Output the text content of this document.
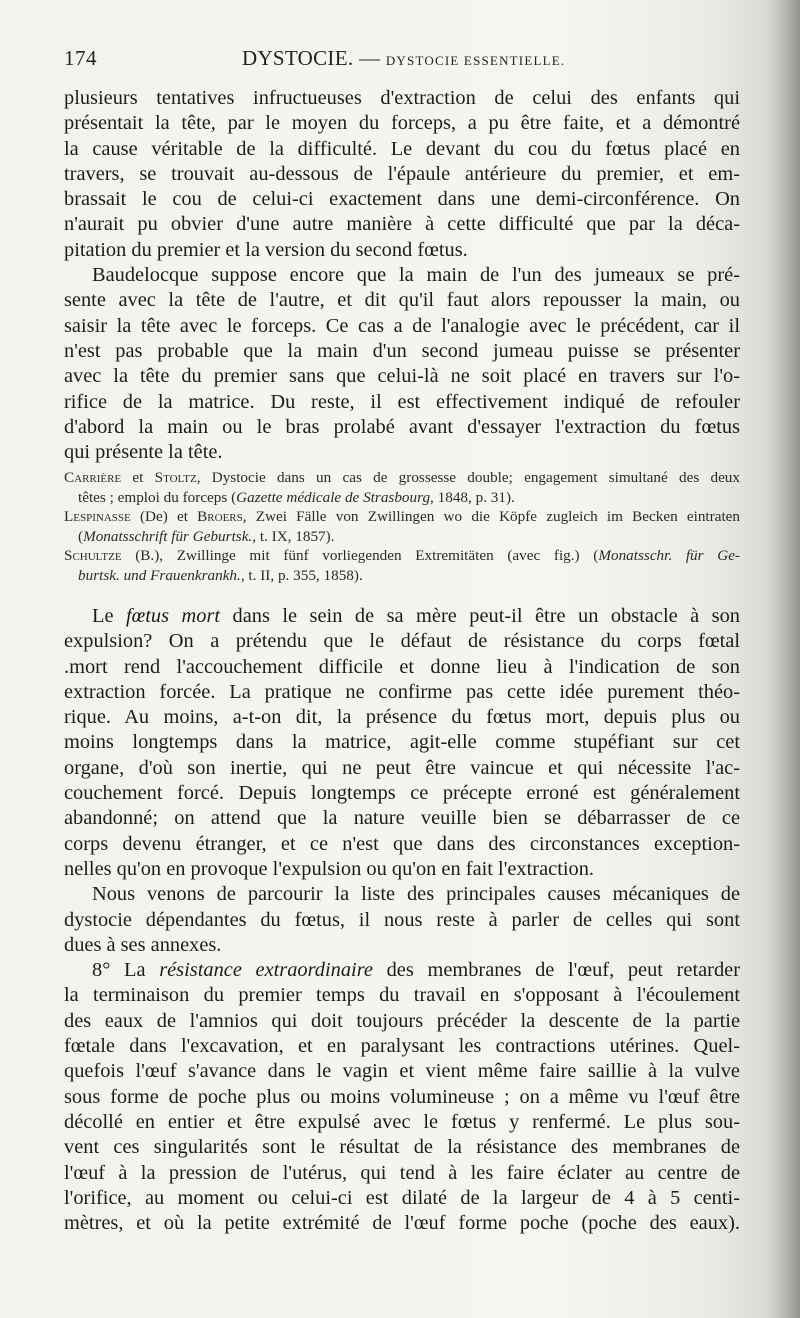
174	DYSTOCIE. — DYSTOCIE ESSENTIELLE.
plusieurs tentatives infructueuses d'extraction de celui des enfants qui
présentait la tête, par le moyen du forceps, a pu être faite, et a démontré
la cause véritable de la difficulté. Le devant du cou du fœtus placé en
travers, se trouvait au-dessous de l'épaule antérieure du premier, et em-
brassait le cou de celui-ci exactement dans une demi-circonférence. On
n'aurait pu obvier d'une autre manière à cette difficulté que par la déca-
pitation du premier et la version du second fœtus.
Baudelocque suppose encore que la main de l'un des jumeaux se pré-
sente avec la tête de l'autre, et dit qu'il faut alors repousser la main, ou
saisir la tête avec le forceps. Ce cas a de l'analogie avec le précédent, car il
n'est pas probable que la main d'un second jumeau puisse se présenter
avec la tête du premier sans que celui-là ne soit placé en travers sur l'o-
rifice de la matrice. Du reste, il est effectivement indiqué de refouler
d'abord la main ou le bras prolabé avant d'essayer l'extraction du fœtus
qui présente la tête.
Carrière et Stoltz, Dystocie dans un cas de grossesse double; engagement simultané des deux
têtes ; emploi du forceps (Gazette médicale de Strasbourg, 1848, p. 31).
Lespinasse (De) et Broers, Zwei Fälle von Zwillingen wo die Köpfe zugleich im Becken eintraten
(Monatsschrift für Geburtsk., t. IX, 1857).
Schultze (B.), Zwillinge mit fünf vorliegenden Extremitäten (avec fig.) (Monatsschr. für Ge-
burtsk. und Frauenkrankh., t. II, p. 355, 1858).
Le fœtus mort dans le sein de sa mère peut-il être un obstacle à son
expulsion? On a prétendu que le défaut de résistance du corps fœtal
.mort rend l'accouchement difficile et donne lieu à l'indication de son
extraction forcée. La pratique ne confirme pas cette idée purement théo-
rique. Au moins, a-t-on dit, la présence du fœtus mort, depuis plus ou
moins longtemps dans la matrice, agit-elle comme stupéfiant sur cet
organe, d'où son inertie, qui ne peut être vaincue et qui nécessite l'ac-
couchement forcé. Depuis longtemps ce précepte erroné est généralement
abandonné; on attend que la nature veuille bien se débarrasser de ce
corps devenu étranger, et ce n'est que dans des circonstances exception-
nelles qu'on en provoque l'expulsion ou qu'on en fait l'extraction.
Nous venons de parcourir la liste des principales causes mécaniques de
dystocie dépendantes du fœtus, il nous reste à parler de celles qui sont
dues à ses annexes.
8° La résistance extraordinaire des membranes de l'œuf, peut retarder
la terminaison du premier temps du travail en s'opposant à l'écoulement
des eaux de l'amnios qui doit toujours précéder la descente de la partie
fœtale dans l'excavation, et en paralysant les contractions utérines. Quel-
quefois l'œuf s'avance dans le vagin et vient même faire saillie à la vulve
sous forme de poche plus ou moins volumineuse ; on a même vu l'œuf être
décollé en entier et être expulsé avec le fœtus y renfermé. Le plus sou-
vent ces singularités sont le résultat de la résistance des membranes de
l'œuf à la pression de l'utérus, qui tend à les faire éclater au centre de
l'orifice, au moment ou celui-ci est dilaté de la largeur de 4 à 5 centi-
mètres, et où la petite extrémité de l'œuf forme poche (poche des eaux).
